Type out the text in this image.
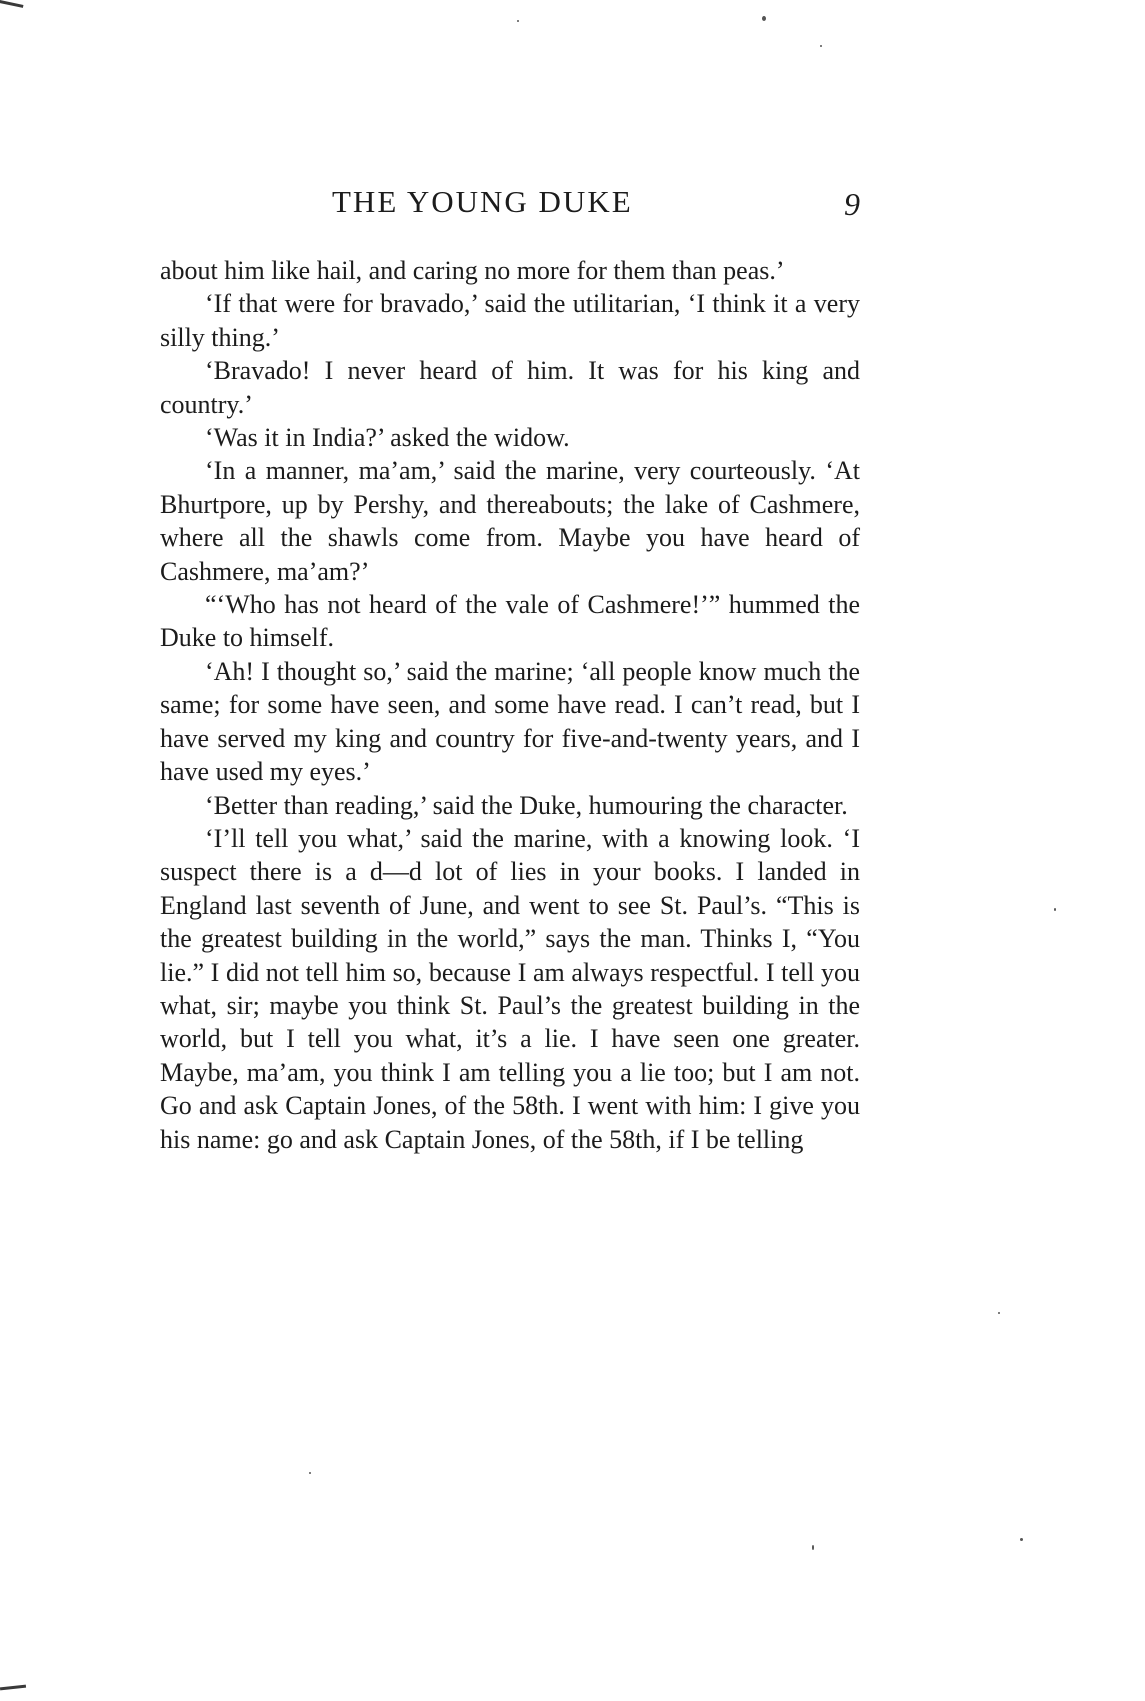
THE YOUNG DUKE	9

about him like hail, and caring no more for them than peas.’

‘If that were for bravado,’ said the utilitarian, ‘I think it a very silly thing.’

‘Bravado! I never heard of him. It was for his king and country.’

‘Was it in India?’ asked the widow.

‘In a manner, ma’am,’ said the marine, very courteously. ‘At Bhurtpore, up by Pershy, and thereabouts; the lake of Cashmere, where all the shawls come from. Maybe you have heard of Cashmere, ma’am?’

“‘Who has not heard of the vale of Cashmere!’” hummed the Duke to himself.

‘Ah! I thought so,’ said the marine; ‘all people know much the same; for some have seen, and some have read. I can’t read, but I have served my king and country for five-and-twenty years, and I have used my eyes.’

‘Better than reading,’ said the Duke, humouring the character.

‘I’ll tell you what,’ said the marine, with a knowing look. ‘I suspect there is a d—d lot of lies in your books. I landed in England last seventh of June, and went to see St. Paul’s. “This is the greatest building in the world,” says the man. Thinks I, “You lie.” I did not tell him so, because I am always respectful. I tell you what, sir; maybe you think St. Paul’s the greatest building in the world, but I tell you what, it’s a lie. I have seen one greater. Maybe, ma’am, you think I am telling you a lie too; but I am not. Go and ask Captain Jones, of the 58th. I went with him: I give you his name: go and ask Captain Jones, of the 58th, if I be telling
